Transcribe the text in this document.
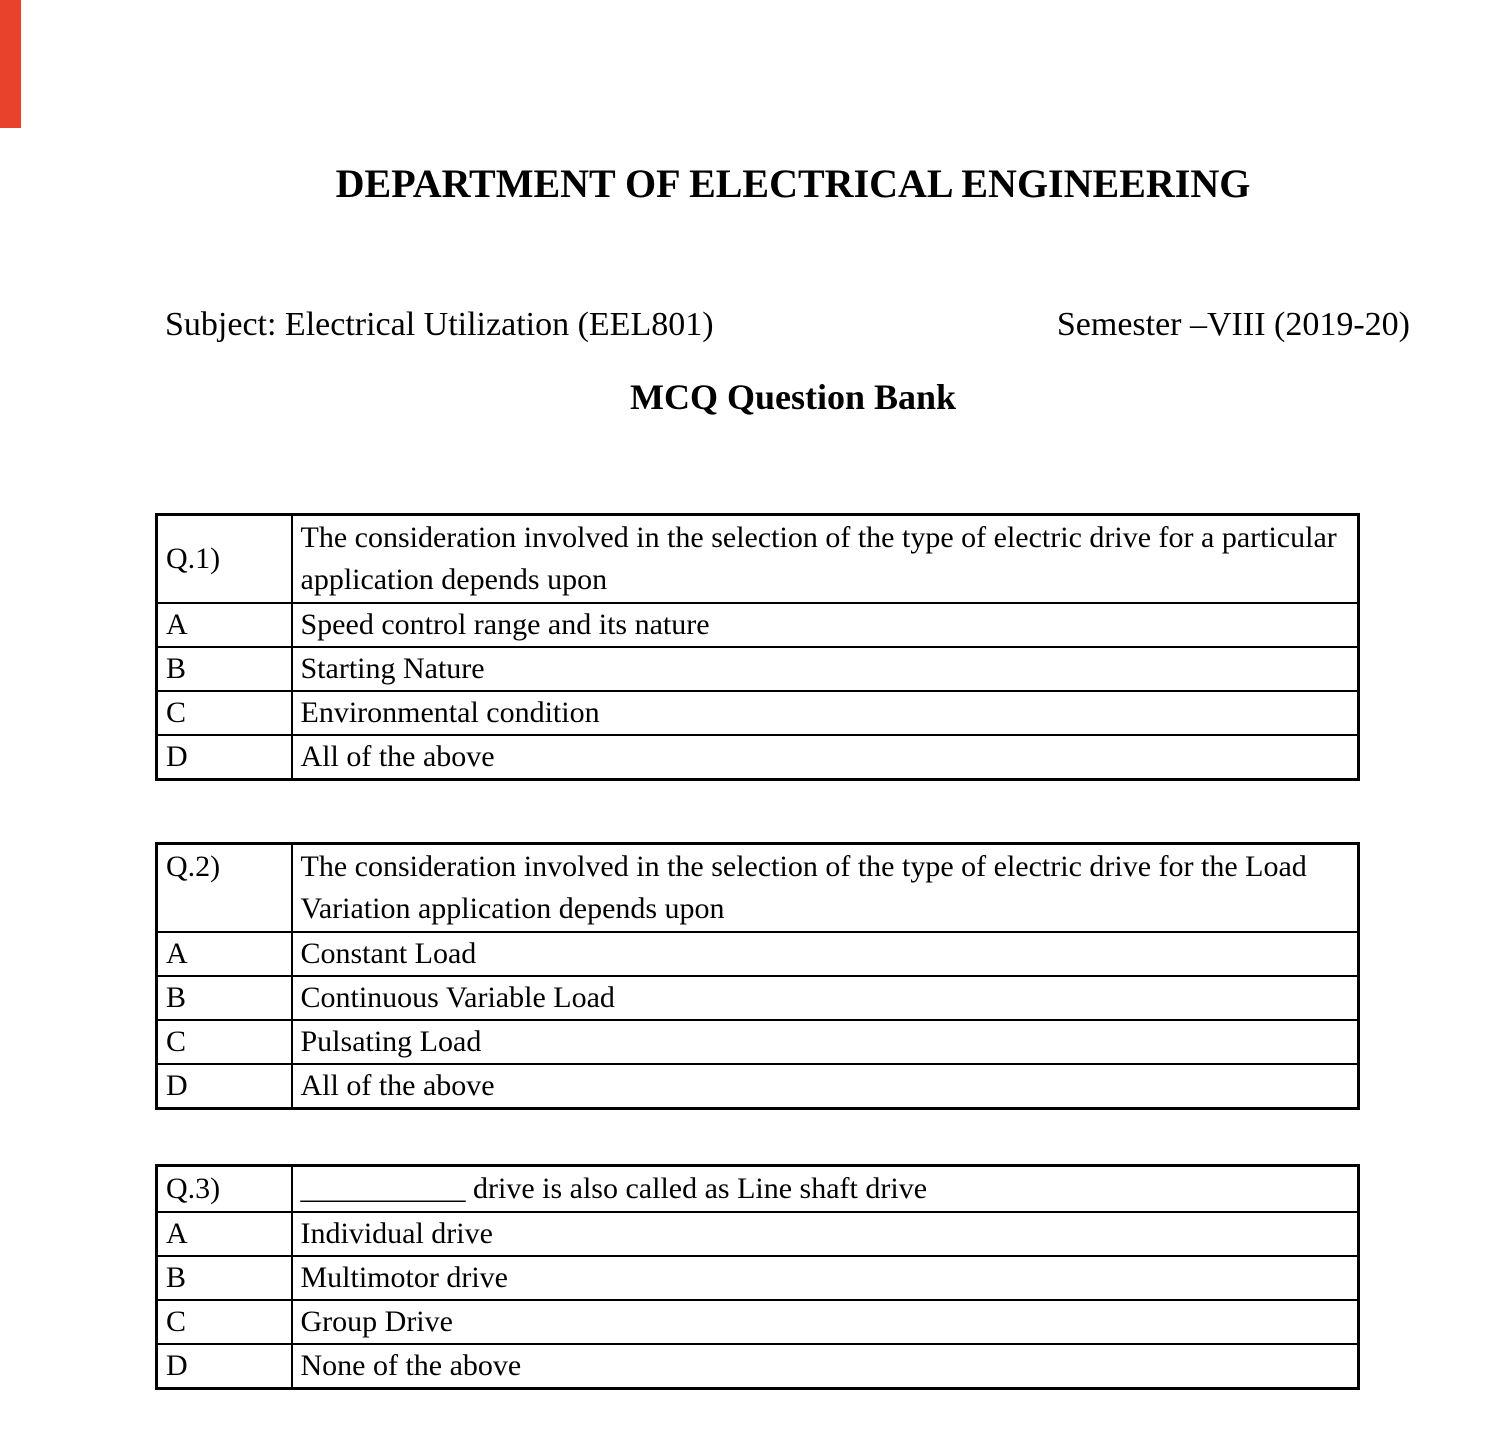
DEPARTMENT OF ELECTRICAL ENGINEERING
Subject: Electrical Utilization (EEL801)	Semester –VIII (2019-20)
MCQ Question Bank
Q.1)	The consideration involved in the selection of the type of electric drive for a particular application depends upon
A	Speed control range and its nature
B	Starting Nature
C	Environmental condition
D	All of the above
Q.2)	The consideration involved in the selection of the type of electric drive for the Load Variation application depends upon
A	Constant Load
B	Continuous Variable Load
C	Pulsating Load
D	All of the above
Q.3)	___________ drive is also called as Line shaft drive
A	Individual drive
B	Multimotor drive
C	Group Drive
D	None of the above
